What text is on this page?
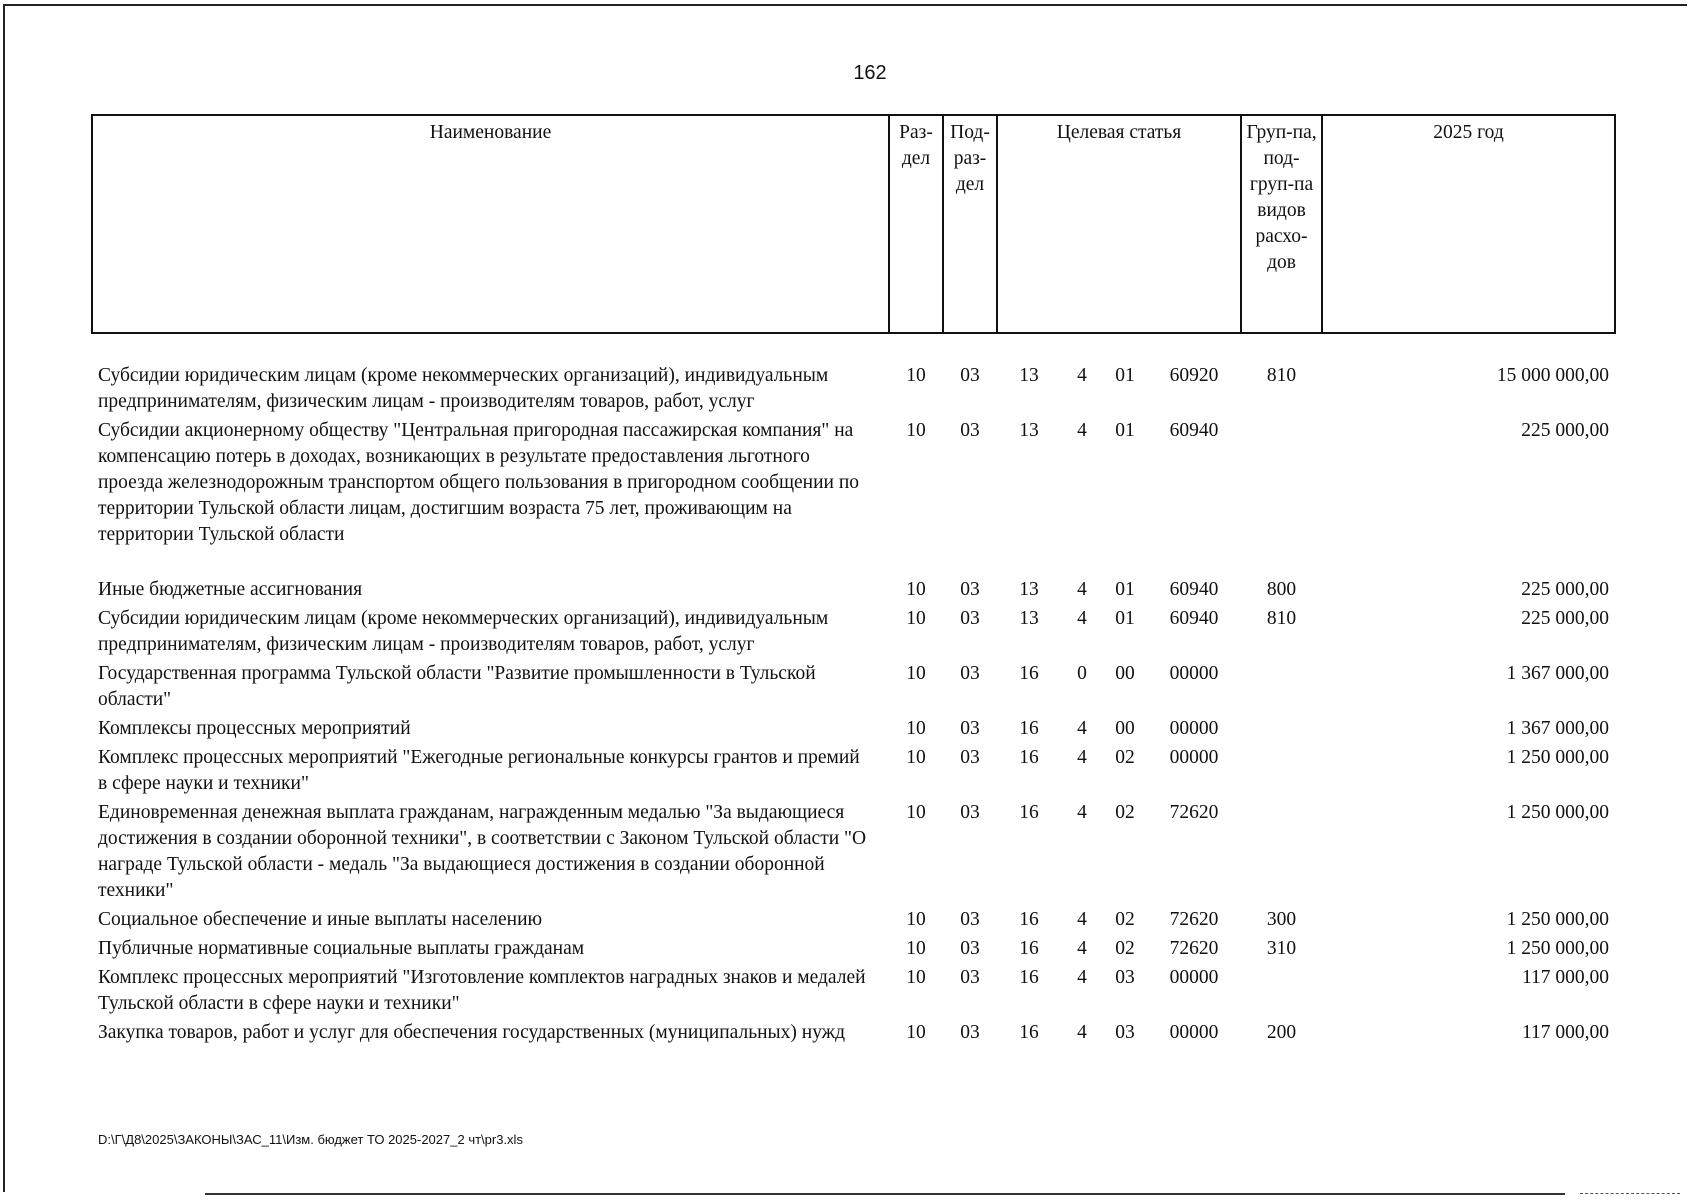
162
Наименование	Раз-дел	Под-раз-дел	Целевая статья				Груп-па, под-груп-па видов расхо-дов	2025 год

Субсидии юридическим лицам (кроме некоммерческих организаций), индивидуальным предпринимателям, физическим лицам - производителям товаров, работ, услуг	10	03	13	4	01	60920	810	15 000 000,00
Субсидии акционерному обществу "Центральная пригородная пассажирская компания" на компенсацию потерь в доходах, возникающих в результате предоставления льготного проезда железнодорожным транспортом общего пользования в пригородном сообщении по территории Тульской области лицам, достигшим возраста 75 лет, проживающим на территории Тульской области	10	03	13	4	01	60940		225 000,00
Иные бюджетные ассигнования	10	03	13	4	01	60940	800	225 000,00
Субсидии юридическим лицам (кроме некоммерческих организаций), индивидуальным предпринимателям, физическим лицам - производителям товаров, работ, услуг	10	03	13	4	01	60940	810	225 000,00
Государственная программа Тульской области "Развитие промышленности в Тульской области"	10	03	16	0	00	00000		1 367 000,00
Комплексы процессных мероприятий	10	03	16	4	00	00000		1 367 000,00
Комплекс процессных мероприятий "Ежегодные региональные конкурсы грантов и премий в сфере науки и техники"	10	03	16	4	02	00000		1 250 000,00
Единовременная денежная выплата гражданам, награжденным медалью "За выдающиеся достижения в создании оборонной техники", в соответствии с Законом Тульской области "О награде Тульской области - медаль "За выдающиеся достижения в создании оборонной техники"	10	03	16	4	02	72620		1 250 000,00
Социальное обеспечение и иные выплаты населению	10	03	16	4	02	72620	300	1 250 000,00
Публичные нормативные социальные выплаты гражданам	10	03	16	4	02	72620	310	1 250 000,00
Комплекс процессных мероприятий "Изготовление комплектов наградных знаков и медалей Тульской области в сфере науки и техники"	10	03	16	4	03	00000		117 000,00
Закупка товаров, работ и услуг для обеспечения государственных (муниципальных) нужд	10	03	16	4	03	00000	200	117 000,00
D:\Г\Д8\2025\ЗАКОНЫ\ЗАС_11\Изм. бюджет ТО 2025-2027_2 чт\pr3.xls
